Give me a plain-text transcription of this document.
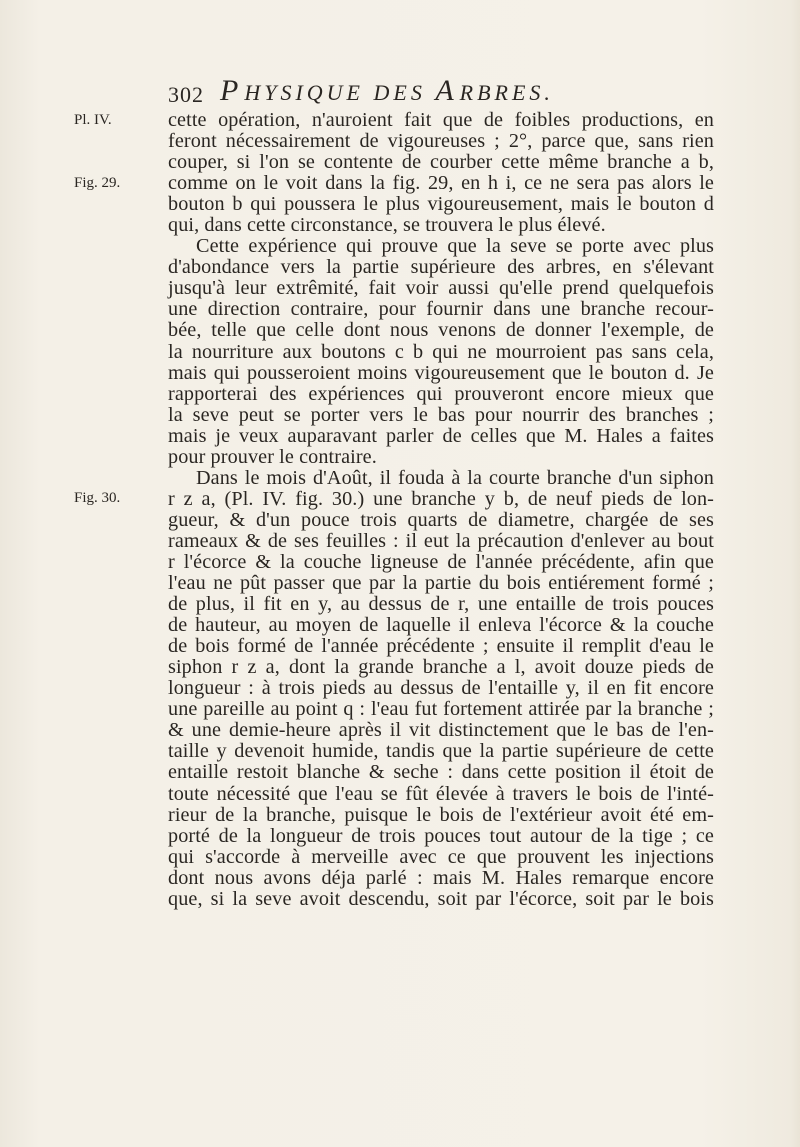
302 PHYSIQUE DES ARBRES.
Pl. IV.
Fig. 29.
Fig. 30.
cette opération, n'auroient fait que de foibles productions, en
feront nécessairement de vigoureuses ; 2°, parce que, sans rien
couper, si l'on se contente de courber cette même branche a b,
comme on le voit dans la fig. 29, en h i, ce ne sera pas alors le
bouton b qui poussera le plus vigoureusement, mais le bouton d
qui, dans cette circonstance, se trouvera le plus élevé.
Cette expérience qui prouve que la seve se porte avec plus
d'abondance vers la partie supérieure des arbres, en s'élevant
jusqu'à leur extrêmité, fait voir aussi qu'elle prend quelquefois
une direction contraire, pour fournir dans une branche recour-
bée, telle que celle dont nous venons de donner l'exemple, de
la nourriture aux boutons c b qui ne mourroient pas sans cela,
mais qui pousseroient moins vigoureusement que le bouton d. Je
rapporterai des expériences qui prouveront encore mieux que
la seve peut se porter vers le bas pour nourrir des branches ;
mais je veux auparavant parler de celles que M. Hales a faites
pour prouver le contraire.
Dans le mois d'Août, il fouda à la courte branche d'un siphon
r z a, (Pl. IV. fig. 30.) une branche y b, de neuf pieds de lon-
gueur, & d'un pouce trois quarts de diametre, chargée de ses
rameaux & de ses feuilles : il eut la précaution d'enlever au bout
r l'écorce & la couche ligneuse de l'année précédente, afin que
l'eau ne pût passer que par la partie du bois entiérement formé ;
de plus, il fit en y, au dessus de r, une entaille de trois pouces
de hauteur, au moyen de laquelle il enleva l'écorce & la couche
de bois formé de l'année précédente ; ensuite il remplit d'eau le
siphon r z a, dont la grande branche a l, avoit douze pieds de
longueur : à trois pieds au dessus de l'entaille y, il en fit encore
une pareille au point q : l'eau fut fortement attirée par la branche ;
& une demie-heure après il vit distinctement que le bas de l'en-
taille y devenoit humide, tandis que la partie supérieure de cette
entaille restoit blanche & seche : dans cette position il étoit de
toute nécessité que l'eau se fût élevée à travers le bois de l'inté-
rieur de la branche, puisque le bois de l'extérieur avoit été em-
porté de la longueur de trois pouces tout autour de la tige ; ce
qui s'accorde à merveille avec ce que prouvent les injections
dont nous avons déja parlé : mais M. Hales remarque encore
que, si la seve avoit descendu, soit par l'écorce, soit par le bois
